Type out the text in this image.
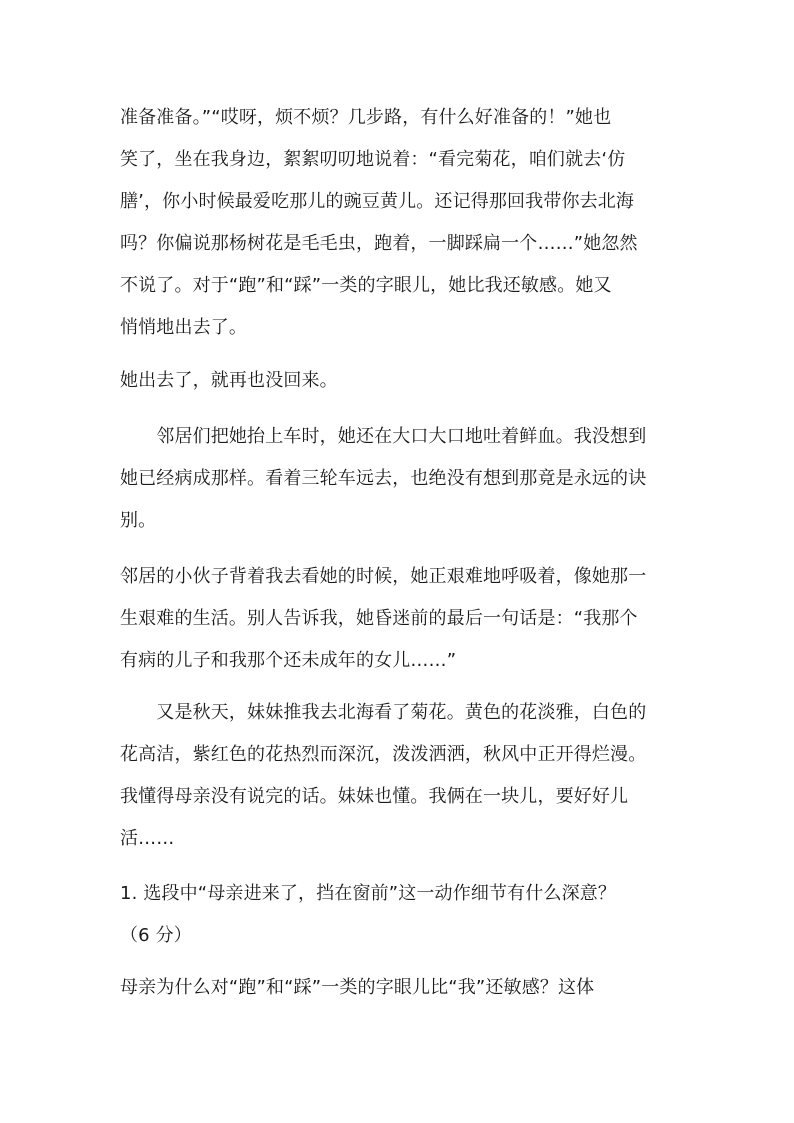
准备准备。”“哎呀，烦不烦？几步路，有什么好准备的！”她也
笑了，坐在我身边，絮絮叨叨地说着：“看完菊花，咱们就去‘仿
膳’，你小时候最爱吃那儿的豌豆黄儿。还记得那回我带你去北海
吗？你偏说那杨树花是毛毛虫，跑着，一脚踩扁一个……”她忽然
不说了。对于“跑”和“踩”一类的字眼儿，她比我还敏感。她又
悄悄地出去了。
她出去了，就再也没回来。
　　邻居们把她抬上车时，她还在大口大口地吐着鲜血。我没想到
她已经病成那样。看着三轮车远去，也绝没有想到那竟是永远的诀
别。
邻居的小伙子背着我去看她的时候，她正艰难地呼吸着，像她那一
生艰难的生活。别人告诉我，她昏迷前的最后一句话是：“我那个
有病的儿子和我那个还未成年的女儿……”
　　又是秋天，妹妹推我去北海看了菊花。黄色的花淡雅，白色的
花高洁，紫红色的花热烈而深沉，泼泼洒洒，秋风中正开得烂漫。
我懂得母亲没有说完的话。妹妹也懂。我俩在一块儿，要好好儿
活……
1. 选段中“母亲进来了，挡在窗前”这一动作细节有什么深意？
（6 分）
母亲为什么对“跑”和“踩”一类的字眼儿比“我”还敏感？这体
